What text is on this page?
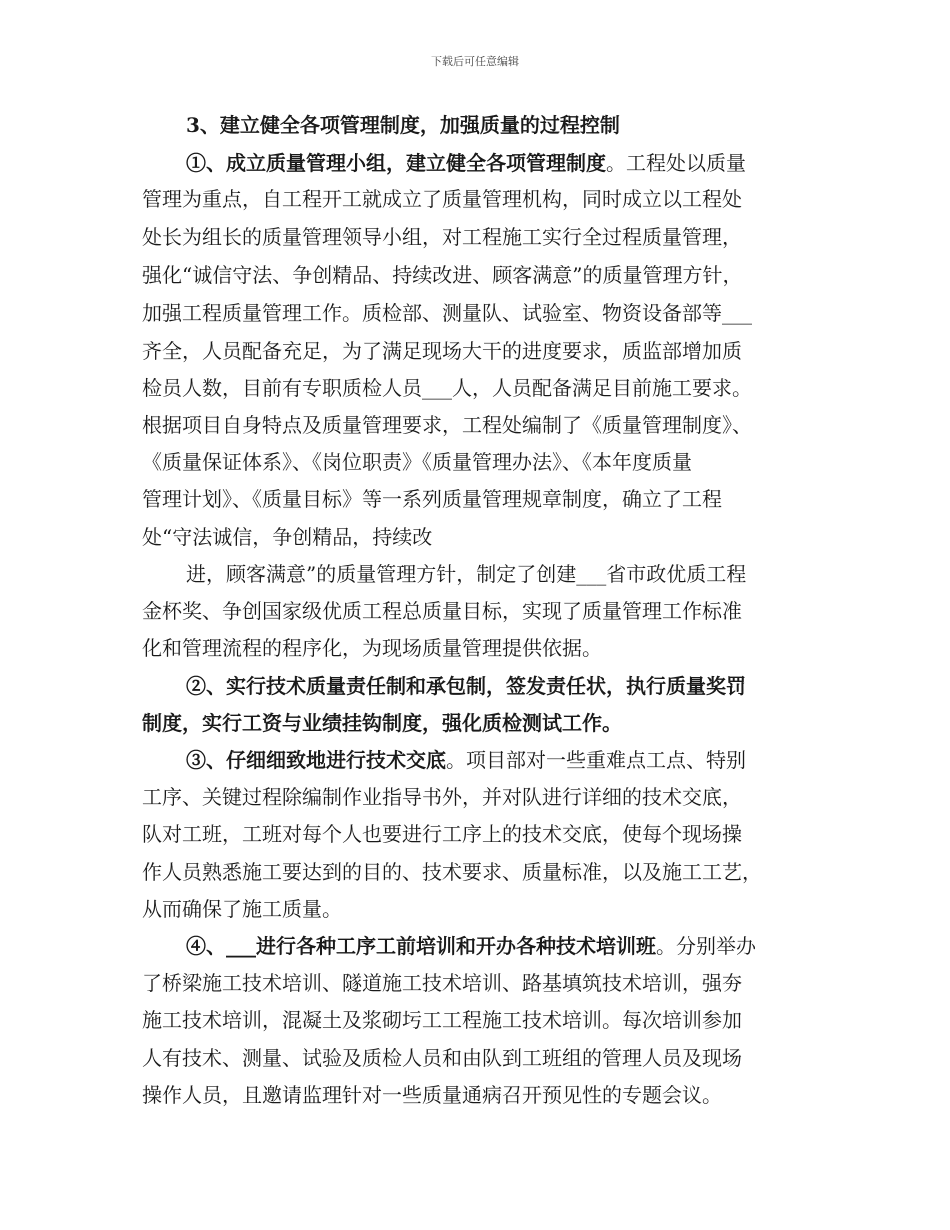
下载后可任意编辑

3、建立健全各项管理制度，加强质量的过程控制

①、成立质量管理小组，建立健全各项管理制度。工程处以质量

管理为重点，自工程开工就成立了质量管理机构，同时成立以工程处

处长为组长的质量管理领导小组，对工程施工实行全过程质量管理，

强化“诚信守法、争创精品、持续改进、顾客满意”的质量管理方针，

加强工程质量管理工作。质检部、测量队、试验室、物资设备部等___

齐全，人员配备充足，为了满足现场大干的进度要求，质监部增加质

检员人数，目前有专职质检人员___人，人员配备满足目前施工要求。

根据项目自身特点及质量管理要求，工程处编制了《质量管理制度》、

《质量保证体系》、《岗位职责》《质量管理办法》、《本年度质量

管理计划》、《质量目标》等一系列质量管理规章制度，确立了工程

处“守法诚信，争创精品，持续改

进，顾客满意”的质量管理方针，制定了创建___省市政优质工程

金杯奖、争创国家级优质工程总质量目标，实现了质量管理工作标准

化和管理流程的程序化，为现场质量管理提供依据。

②、实行技术质量责任制和承包制，签发责任状，执行质量奖罚

制度，实行工资与业绩挂钩制度，强化质检测试工作。

③、仔细细致地进行技术交底。项目部对一些重难点工点、特别

工序、关键过程除编制作业指导书外，并对队进行详细的技术交底，

队对工班，工班对每个人也要进行工序上的技术交底，使每个现场操

作人员熟悉施工要达到的目的、技术要求、质量标准，以及施工工艺，

从而确保了施工质量。

④、___进行各种工序工前培训和开办各种技术培训班。分别举办

了桥梁施工技术培训、隧道施工技术培训、路基填筑技术培训，强夯

施工技术培训，混凝土及浆砌圬工工程施工技术培训。每次培训参加

人有技术、测量、试验及质检人员和由队到工班组的管理人员及现场

操作人员，且邀请监理针对一些质量通病召开预见性的专题会议。
